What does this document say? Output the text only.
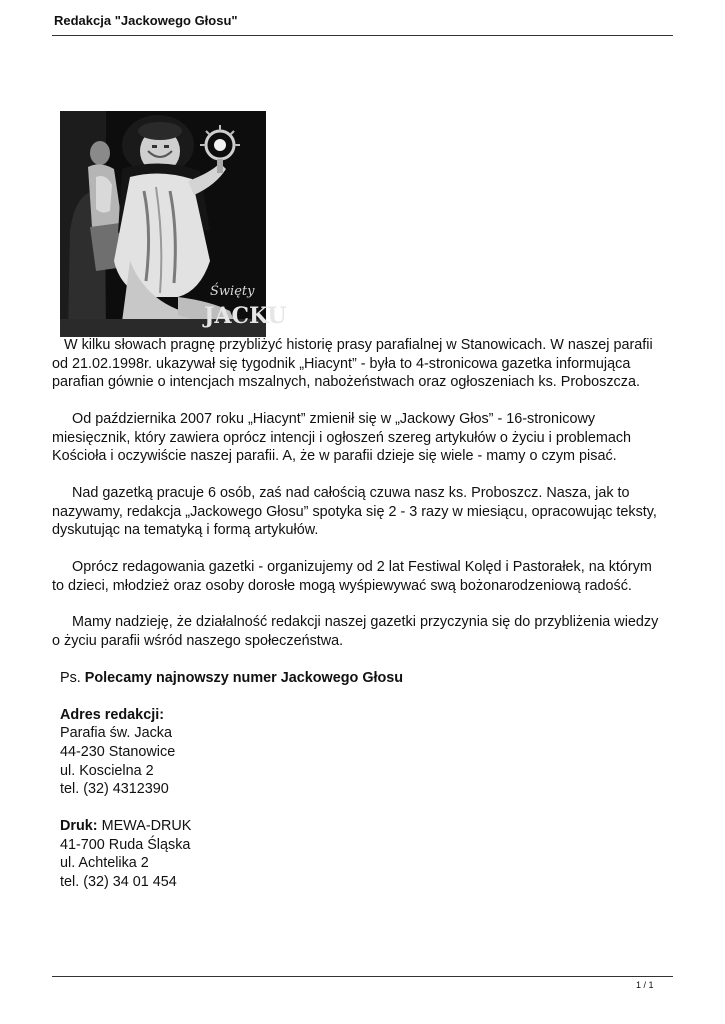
Redakcja "Jackowego Głosu"
Święty
JACKU

W kilku słowach pragnę przybliżyć historię prasy parafialnej w Stanowicach. W naszej parafii
od 21.02.1998r. ukazywał się tygodnik „Hiacynt” - była to 4-stronicowa gazetka informująca
parafian gównie o intencjach mszalnych, nabożeństwach oraz ogłoszeniach ks. Proboszcza.

Od października 2007 roku „Hiacynt” zmienił się w „Jackowy Głos” - 16-stronicowy
miesięcznik, który zawiera oprócz intencji i ogłoszeń szereg artykułów o życiu i problemach
Kościoła i oczywiście naszej parafii. A, że w parafii dzieje się wiele - mamy o czym pisać.

Nad gazetką pracuje 6 osób, zaś nad całością czuwa nasz ks. Proboszcz. Nasza, jak to
nazywamy, redakcja „Jackowego Głosu” spotyka się 2 - 3 razy w miesiącu, opracowując teksty,
dyskutując na tematyką i formą artykułów.

Oprócz redagowania gazetki - organizujemy od 2 lat Festiwal Kolęd i Pastorałek, na którym
to dzieci, młodzież oraz osoby dorosłe mogą wyśpiewywać swą bożonarodzeniową radość.

Mamy nadzieję, że działalność redakcji naszej gazetki przyczynia się do przybliżenia wiedzy
o życiu parafii wśród naszego społeczeństwa.

Ps. Polecamy najnowszy numer Jackowego Głosu

Adres redakcji:
Parafia św. Jacka
44-230 Stanowice
ul. Koscielna 2
tel. (32) 4312390
Druk: MEWA-DRUK
41-700 Ruda Śląska
ul. Achtelika 2
tel. (32) 34 01 454
1 / 1
